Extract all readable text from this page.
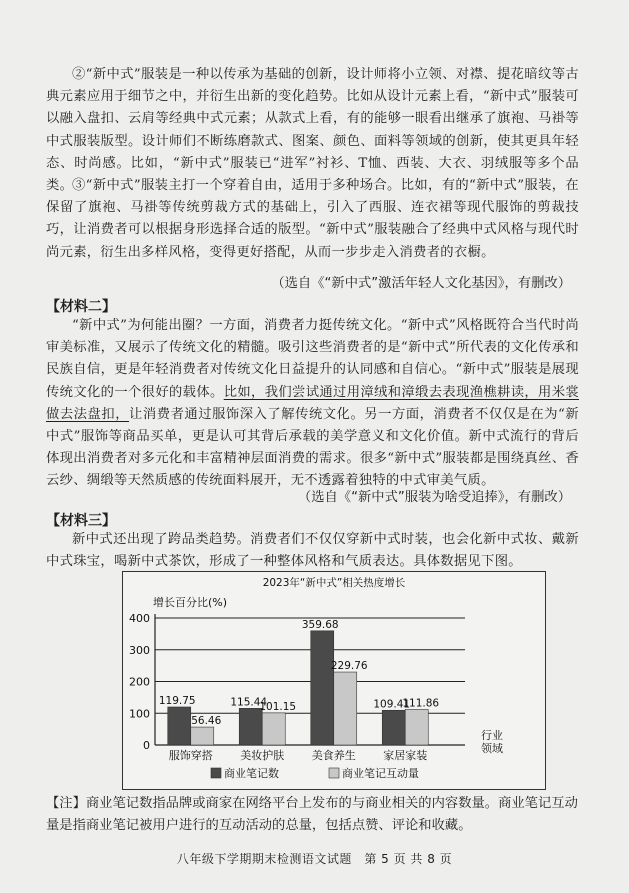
②“新中式”服装是一种以传承为基础的创新，设计师将小立领、对襟、提花暗纹等古典元素应用于细节之中，并衍生出新的变化趋势。比如从设计元素上看，“新中式”服装可以融入盘扣、云肩等经典中式元素；从款式上看，有的能够一眼看出继承了旗袍、马褂等中式服装版型。设计师们不断练磨款式、图案、颜色、面料等领域的创新，使其更具年轻态、时尚感。比如，“新中式”服装已“进军”衬衫、T恤、西装、大衣、羽绒服等多个品类。
③“新中式”服装主打一个穿着自由，适用于多种场合。比如，有的“新中式”服装，在保留了旗袍、马褂等传统剪裁方式的基础上，引入了西服、连衣裙等现代服饰的剪裁技巧，让消费者可以根据身形选择合适的版型。“新中式”服装融合了经典中式风格与现代时尚元素，衍生出多样风格，变得更好搭配，从而一步步走入消费者的衣橱。
（选自《“新中式”激活年轻人文化基因》，有删改）
【材料二】
“新中式”为何能出圈？一方面，消费者力挺传统文化。“新中式”风格既符合当代时尚审美标准，又展示了传统文化的精髓。吸引这些消费者的是“新中式”所代表的文化传承和民族自信，更是年轻消费者对传统文化日益提升的认同感和自信心。“新中式”服装是展现传统文化的一个很好的载体。比如，我们尝试通过用漳绒和漳缎去表现渔樵耕读，用米裳做去法盘扣，让消费者通过服饰深入了解传统文化。另一方面，消费者不仅仅是在为“新中式”服饰等商品买单，更是认可其背后承载的美学意义和文化价值。新中式流行的背后体现出消费者对多元化和丰富精神层面消费的需求。很多“新中式”服装都是围绕真丝、香云纱、绸缎等天然质感的传统面料展开，无不透露着独特的中式审美气质。
（选自《“新中式”服装为啥受追捧》，有删改）
【材料三】
新中式还出现了跨品类趋势。消费者们不仅仅穿新中式时装，也会化新中式妆、戴新中式珠宝，喝新中式茶饮，形成了一种整体风格和气质表达。具体数据见下图。
2023年“新中式”相关热度增长
增长百分比(%)
行业
领域
0
100
200
300
400
119.75
56.46
115.44
101.15
359.68
229.76
109.41
111.86
服饰穿搭	美妆护肤	美食养生	家居家装
商业笔记数	商业笔记互动量
【注】商业笔记数指品牌或商家在网络平台上发布的与商业相关的内容数量。商业笔记互动量是指商业笔记被用户进行的互动活动的总量，包括点赞、评论和收藏。
八年级下学期期末检测语文试题　第 5 页 共 8 页
